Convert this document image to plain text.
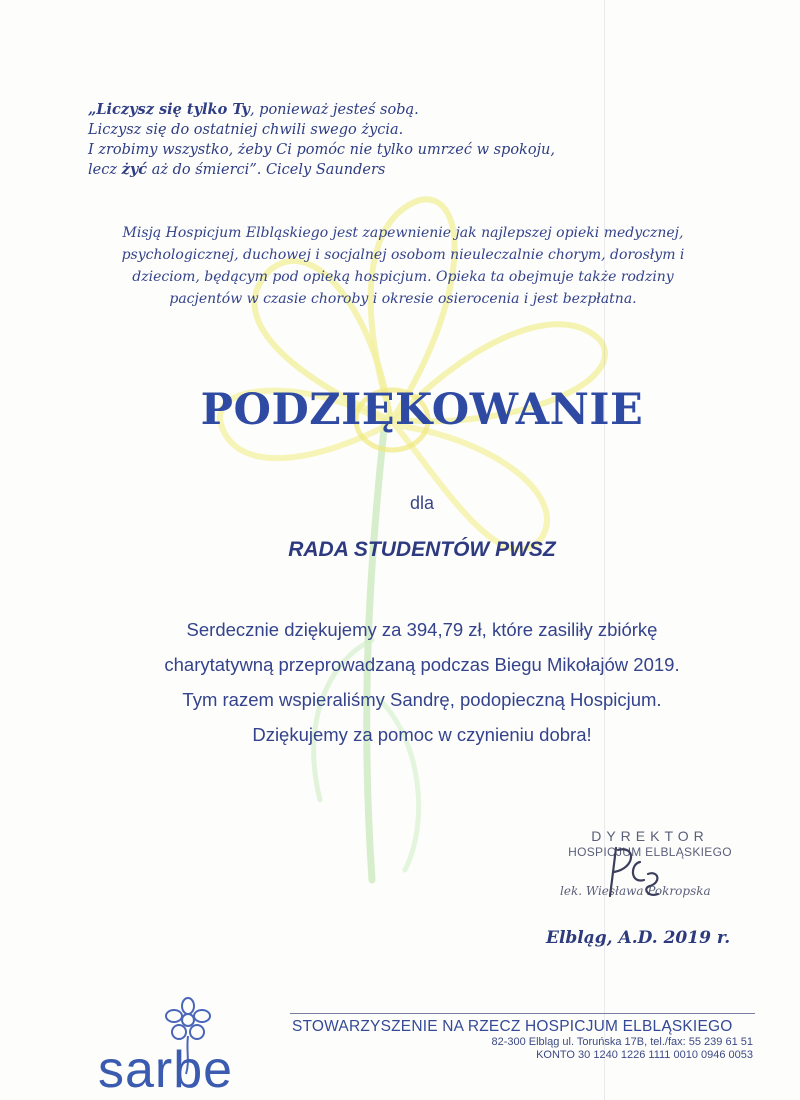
„Liczysz się tylko Ty, ponieważ jesteś sobą.
Liczysz się do ostatniej chwili swego życia.
I zrobimy wszystko, żeby Ci pomóc nie tylko umrzeć w spokoju,
lecz żyć aż do śmierci”. Cicely Saunders
Misją Hospicjum Elbląskiego jest zapewnienie jak najlepszej opieki medycznej,
psychologicznej, duchowej i socjalnej osobom nieuleczalnie chorym, dorosłym i
dzieciom, będącym pod opieką hospicjum. Opieka ta obejmuje także rodziny
pacjentów w czasie choroby i okresie osierocenia i jest bezpłatna.
PODZIĘKOWANIE
dla
RADA STUDENTÓW PWSZ
Serdecznie dziękujemy za 394,79 zł, które zasiliły zbiórkę
charytatywną przeprowadzaną podczas Biegu Mikołajów 2019.
Tym razem wspieraliśmy Sandrę, podopieczną Hospicjum.
Dziękujemy za pomoc w czynieniu dobra!
DYREKTOR
HOSPICJUM ELBLĄSKIEGO
lek. Wiesława Pokropska
Elbląg, A.D. 2019 r.
sarbe
STOWARZYSZENIE NA RZECZ HOSPICJUM ELBLĄSKIEGO
82-300 Elbląg ul. Toruńska 17B, tel./fax: 55 239 61 51
KONTO 30 1240 1226 1111 0010 0946 0053
